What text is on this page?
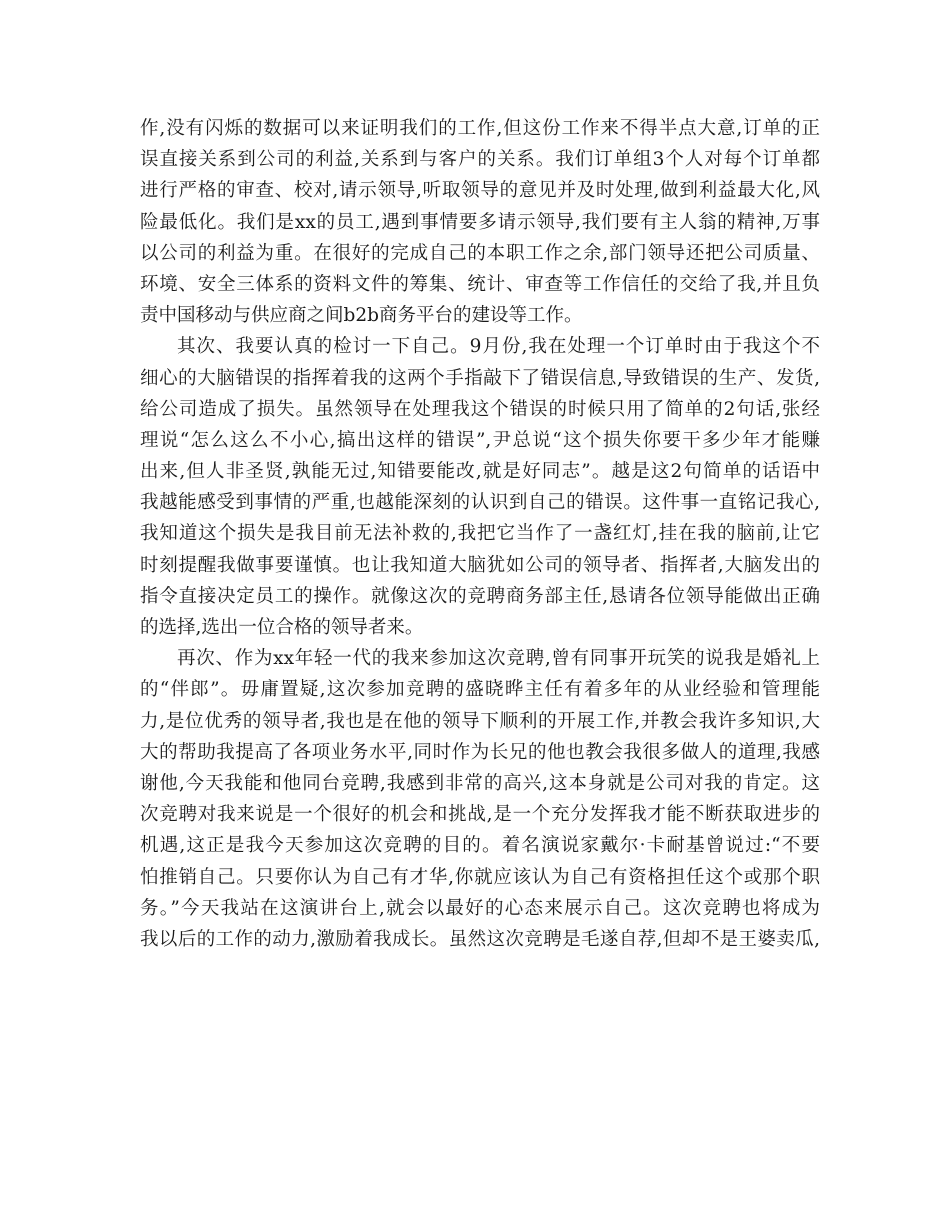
作,没有闪烁的数据可以来证明我们的工作,但这份工作来不得半点大意,订单的正
误直接关系到公司的利益,关系到与客户的关系。我们订单组3个人对每个订单都
进行严格的审查、校对,请示领导,听取领导的意见并及时处理,做到利益最大化,风
险最低化。我们是xx的员工,遇到事情要多请示领导,我们要有主人翁的精神,万事
以公司的利益为重。在很好的完成自己的本职工作之余,部门领导还把公司质量、
环境、安全三体系的资料文件的筹集、统计、审查等工作信任的交给了我,并且负
责中国移动与供应商之间b2b商务平台的建设等工作。
其次、我要认真的检讨一下自己。9月份,我在处理一个订单时由于我这个不
细心的大脑错误的指挥着我的这两个手指敲下了错误信息,导致错误的生产、发货,
给公司造成了损失。虽然领导在处理我这个错误的时候只用了简单的2句话,张经
理说“怎么这么不小心,搞出这样的错误”,尹总说“这个损失你要干多少年才能赚
出来,但人非圣贤,孰能无过,知错要能改,就是好同志”。越是这2句简单的话语中
我越能感受到事情的严重,也越能深刻的认识到自己的错误。这件事一直铭记我心,
我知道这个损失是我目前无法补救的,我把它当作了一盏红灯,挂在我的脑前,让它
时刻提醒我做事要谨慎。也让我知道大脑犹如公司的领导者、指挥者,大脑发出的
指令直接决定员工的操作。就像这次的竞聘商务部主任,恳请各位领导能做出正确
的选择,选出一位合格的领导者来。
再次、作为xx年轻一代的我来参加这次竞聘,曾有同事开玩笑的说我是婚礼上
的“伴郎”。毋庸置疑,这次参加竞聘的盛晓晔主任有着多年的从业经验和管理能
力,是位优秀的领导者,我也是在他的领导下顺利的开展工作,并教会我许多知识,大
大的帮助我提高了各项业务水平,同时作为长兄的他也教会我很多做人的道理,我感
谢他,今天我能和他同台竞聘,我感到非常的高兴,这本身就是公司对我的肯定。这
次竞聘对我来说是一个很好的机会和挑战,是一个充分发挥我才能不断获取进步的
机遇,这正是我今天参加这次竞聘的目的。着名演说家戴尔·卡耐基曾说过:“不要
怕推销自己。只要你认为自己有才华,你就应该认为自己有资格担任这个或那个职
务。”今天我站在这演讲台上,就会以最好的心态来展示自己。这次竞聘也将成为
我以后的工作的动力,激励着我成长。虽然这次竞聘是毛遂自荐,但却不是王婆卖瓜,
